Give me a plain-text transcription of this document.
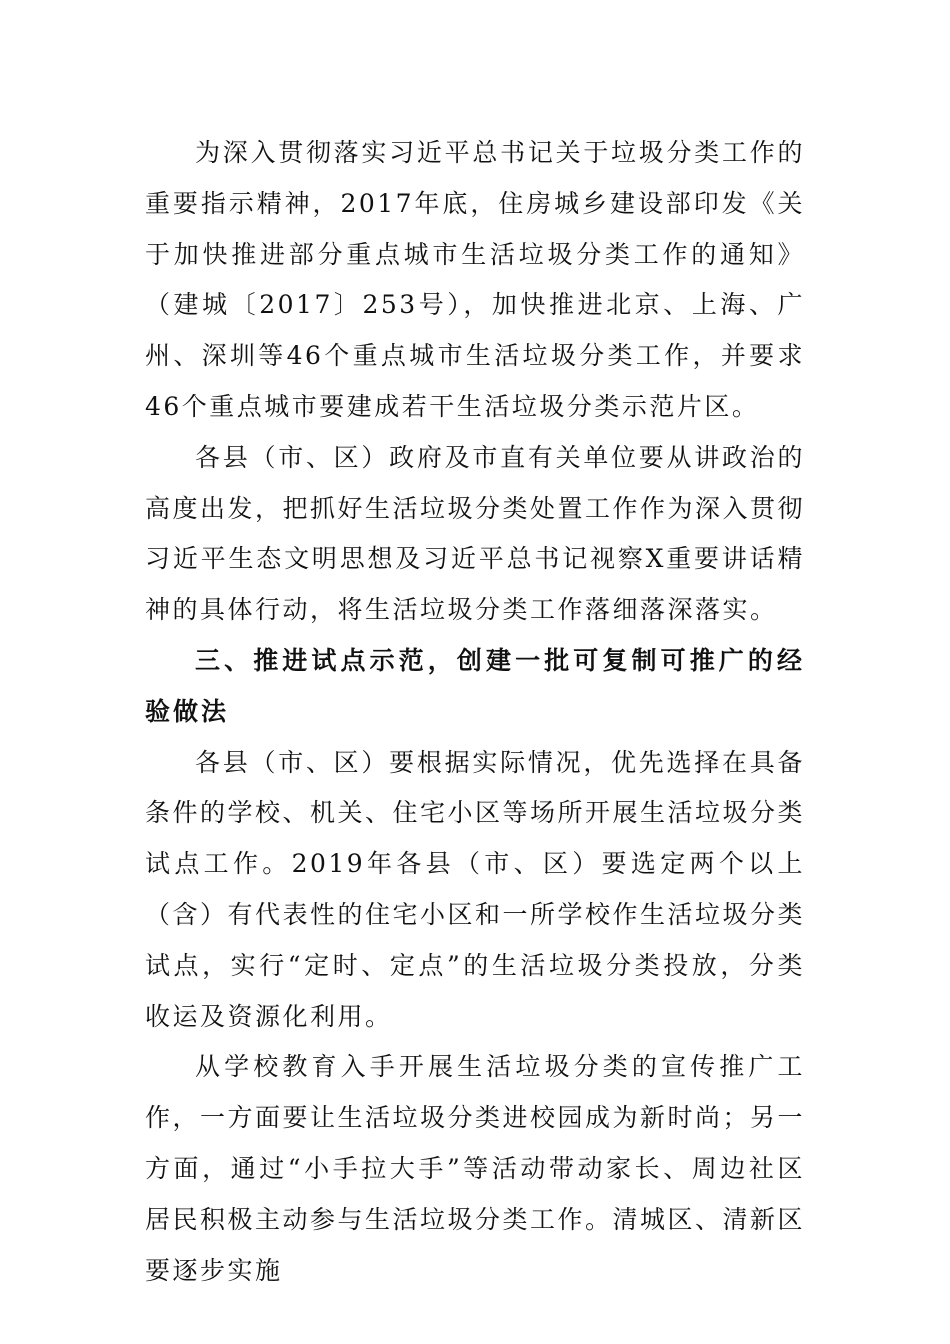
为深入贯彻落实习近平总书记关于垃圾分类工作的重要指示精神，2017年底，住房城乡建设部印发《关于加快推进部分重点城市生活垃圾分类工作的通知》（建城〔2017〕253号），加快推进北京、上海、广州、深圳等46个重点城市生活垃圾分类工作，并要求46个重点城市要建成若干生活垃圾分类示范片区。

各县（市、区）政府及市直有关单位要从讲政治的高度出发，把抓好生活垃圾分类处置工作作为深入贯彻习近平生态文明思想及习近平总书记视察X重要讲话精神的具体行动，将生活垃圾分类工作落细落深落实。

三、推进试点示范，创建一批可复制可推广的经验做法

各县（市、区）要根据实际情况，优先选择在具备条件的学校、机关、住宅小区等场所开展生活垃圾分类试点工作。2019年各县（市、区）要选定两个以上（含）有代表性的住宅小区和一所学校作生活垃圾分类试点，实行“定时、定点”的生活垃圾分类投放，分类收运及资源化利用。

从学校教育入手开展生活垃圾分类的宣传推广工作，一方面要让生活垃圾分类进校园成为新时尚；另一方面，通过“小手拉大手”等活动带动家长、周边社区居民积极主动参与生活垃圾分类工作。清城区、清新区要逐步实施
